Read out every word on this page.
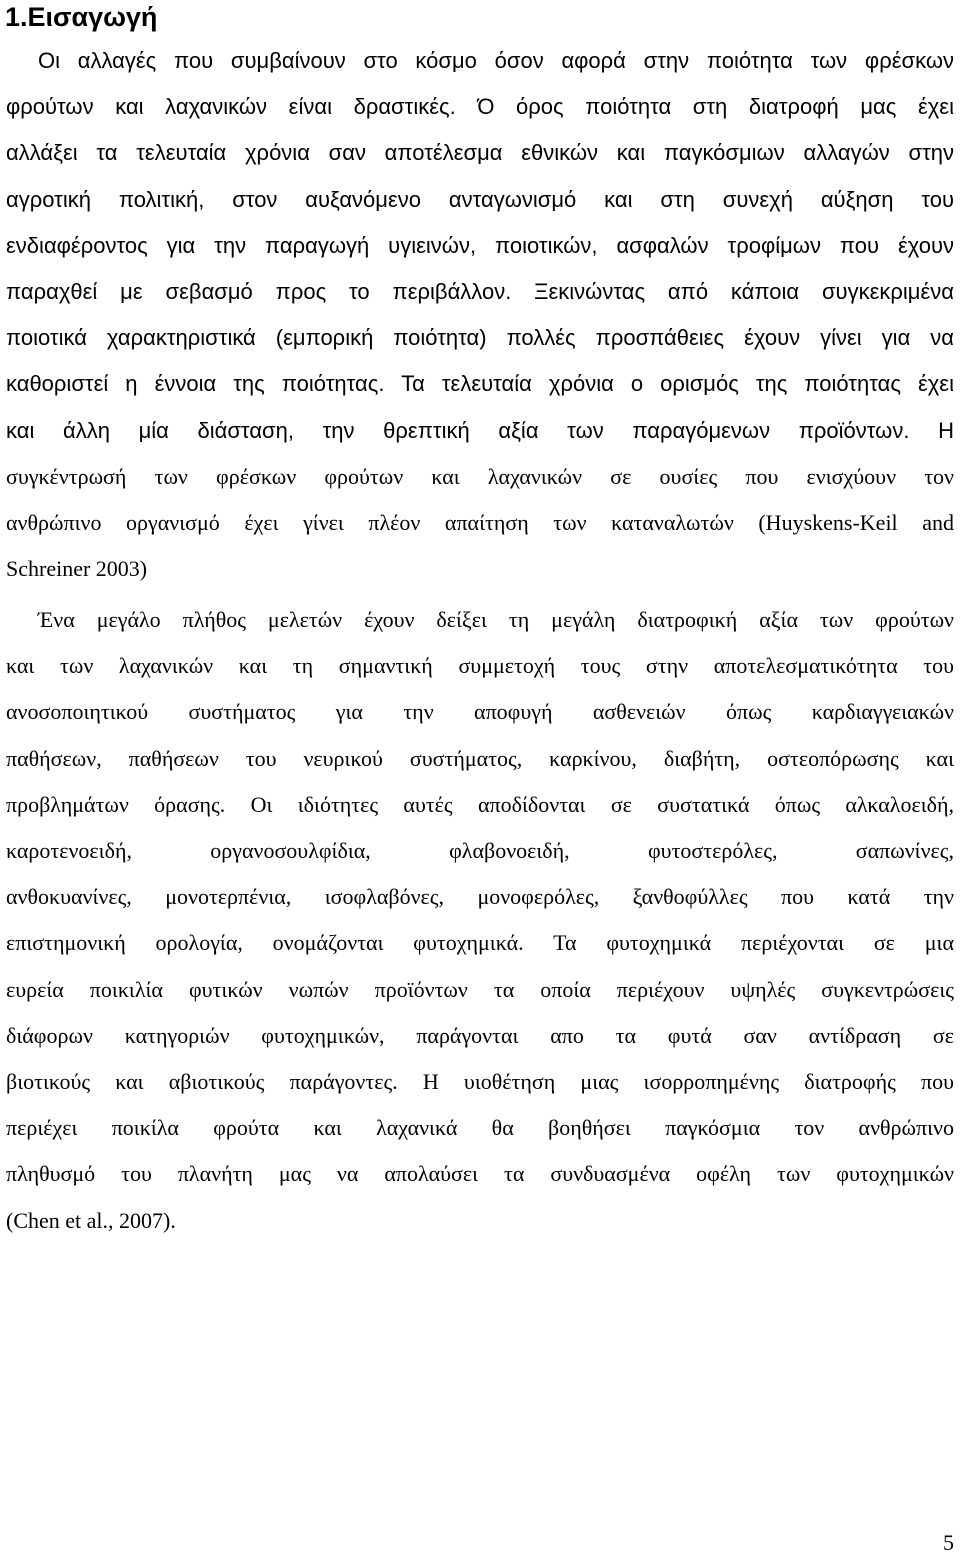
1.Εισαγωγή
Οι αλλαγές που συμβαίνουν στο κόσμο όσον αφορά στην ποιότητα των φρέσκων
φρούτων και λαχανικών είναι δραστικές. Ό όρος ποιότητα στη διατροφή μας έχει
αλλάξει τα τελευταία χρόνια σαν αποτέλεσμα εθνικών και παγκόσμιων αλλαγών στην
αγροτική πολιτική, στον αυξανόμενο ανταγωνισμό και στη συνεχή αύξηση του
ενδιαφέροντος για την παραγωγή υγιεινών, ποιοτικών, ασφαλών τροφίμων που έχουν
παραχθεί με σεβασμό προς το περιβάλλον. Ξεκινώντας από κάποια συγκεκριμένα
ποιοτικά χαρακτηριστικά (εμπορική ποιότητα) πολλές προσπάθειες έχουν γίνει για να
καθοριστεί η έννοια της ποιότητας. Τα τελευταία χρόνια ο ορισμός της ποιότητας έχει
και άλλη μία διάσταση, την θρεπτική αξία των παραγόμενων προϊόντων. Η
συγκέντρωσή των φρέσκων φρούτων και λαχανικών σε ουσίες που ενισχύουν τον
ανθρώπινο οργανισμό έχει γίνει πλέον απαίτηση των καταναλωτών (Huyskens-Keil and
Schreiner 2003)
Ένα μεγάλο πλήθος μελετών έχουν δείξει τη μεγάλη διατροφική αξία των φρούτων
και των λαχανικών και τη σημαντική συμμετοχή τους στην αποτελεσματικότητα του
ανοσοποιητικού συστήματος για την αποφυγή ασθενειών όπως καρδιαγγειακών
παθήσεων, παθήσεων του νευρικού συστήματος, καρκίνου, διαβήτη, οστεοπόρωσης και
προβλημάτων όρασης. Οι ιδιότητες αυτές αποδίδονται σε συστατικά όπως αλκαλοειδή,
καροτενοειδή, οργανοσουλφίδια, φλαβονοειδή, φυτοστερόλες, σαπωνίνες,
ανθοκυανίνες, μονοτερπένια, ισοφλαβόνες, μονοφερόλες, ξανθοφύλλες που κατά την
επιστημονική ορολογία, ονομάζονται φυτοχημικά. Τα φυτοχημικά περιέχονται σε μια
ευρεία ποικιλία φυτικών νωπών προϊόντων τα οποία περιέχουν υψηλές συγκεντρώσεις
διάφορων κατηγοριών φυτοχημικών, παράγονται απο τα φυτά σαν αντίδραση σε
βιοτικούς και αβιοτικούς παράγοντες. Η υιοθέτηση μιας ισορροπημένης διατροφής που
περιέχει ποικίλα φρούτα και λαχανικά θα βοηθήσει παγκόσμια τον ανθρώπινο
πληθυσμό του πλανήτη μας να απολαύσει τα συνδυασμένα οφέλη των φυτοχημικών
(Chen et al., 2007).
5
